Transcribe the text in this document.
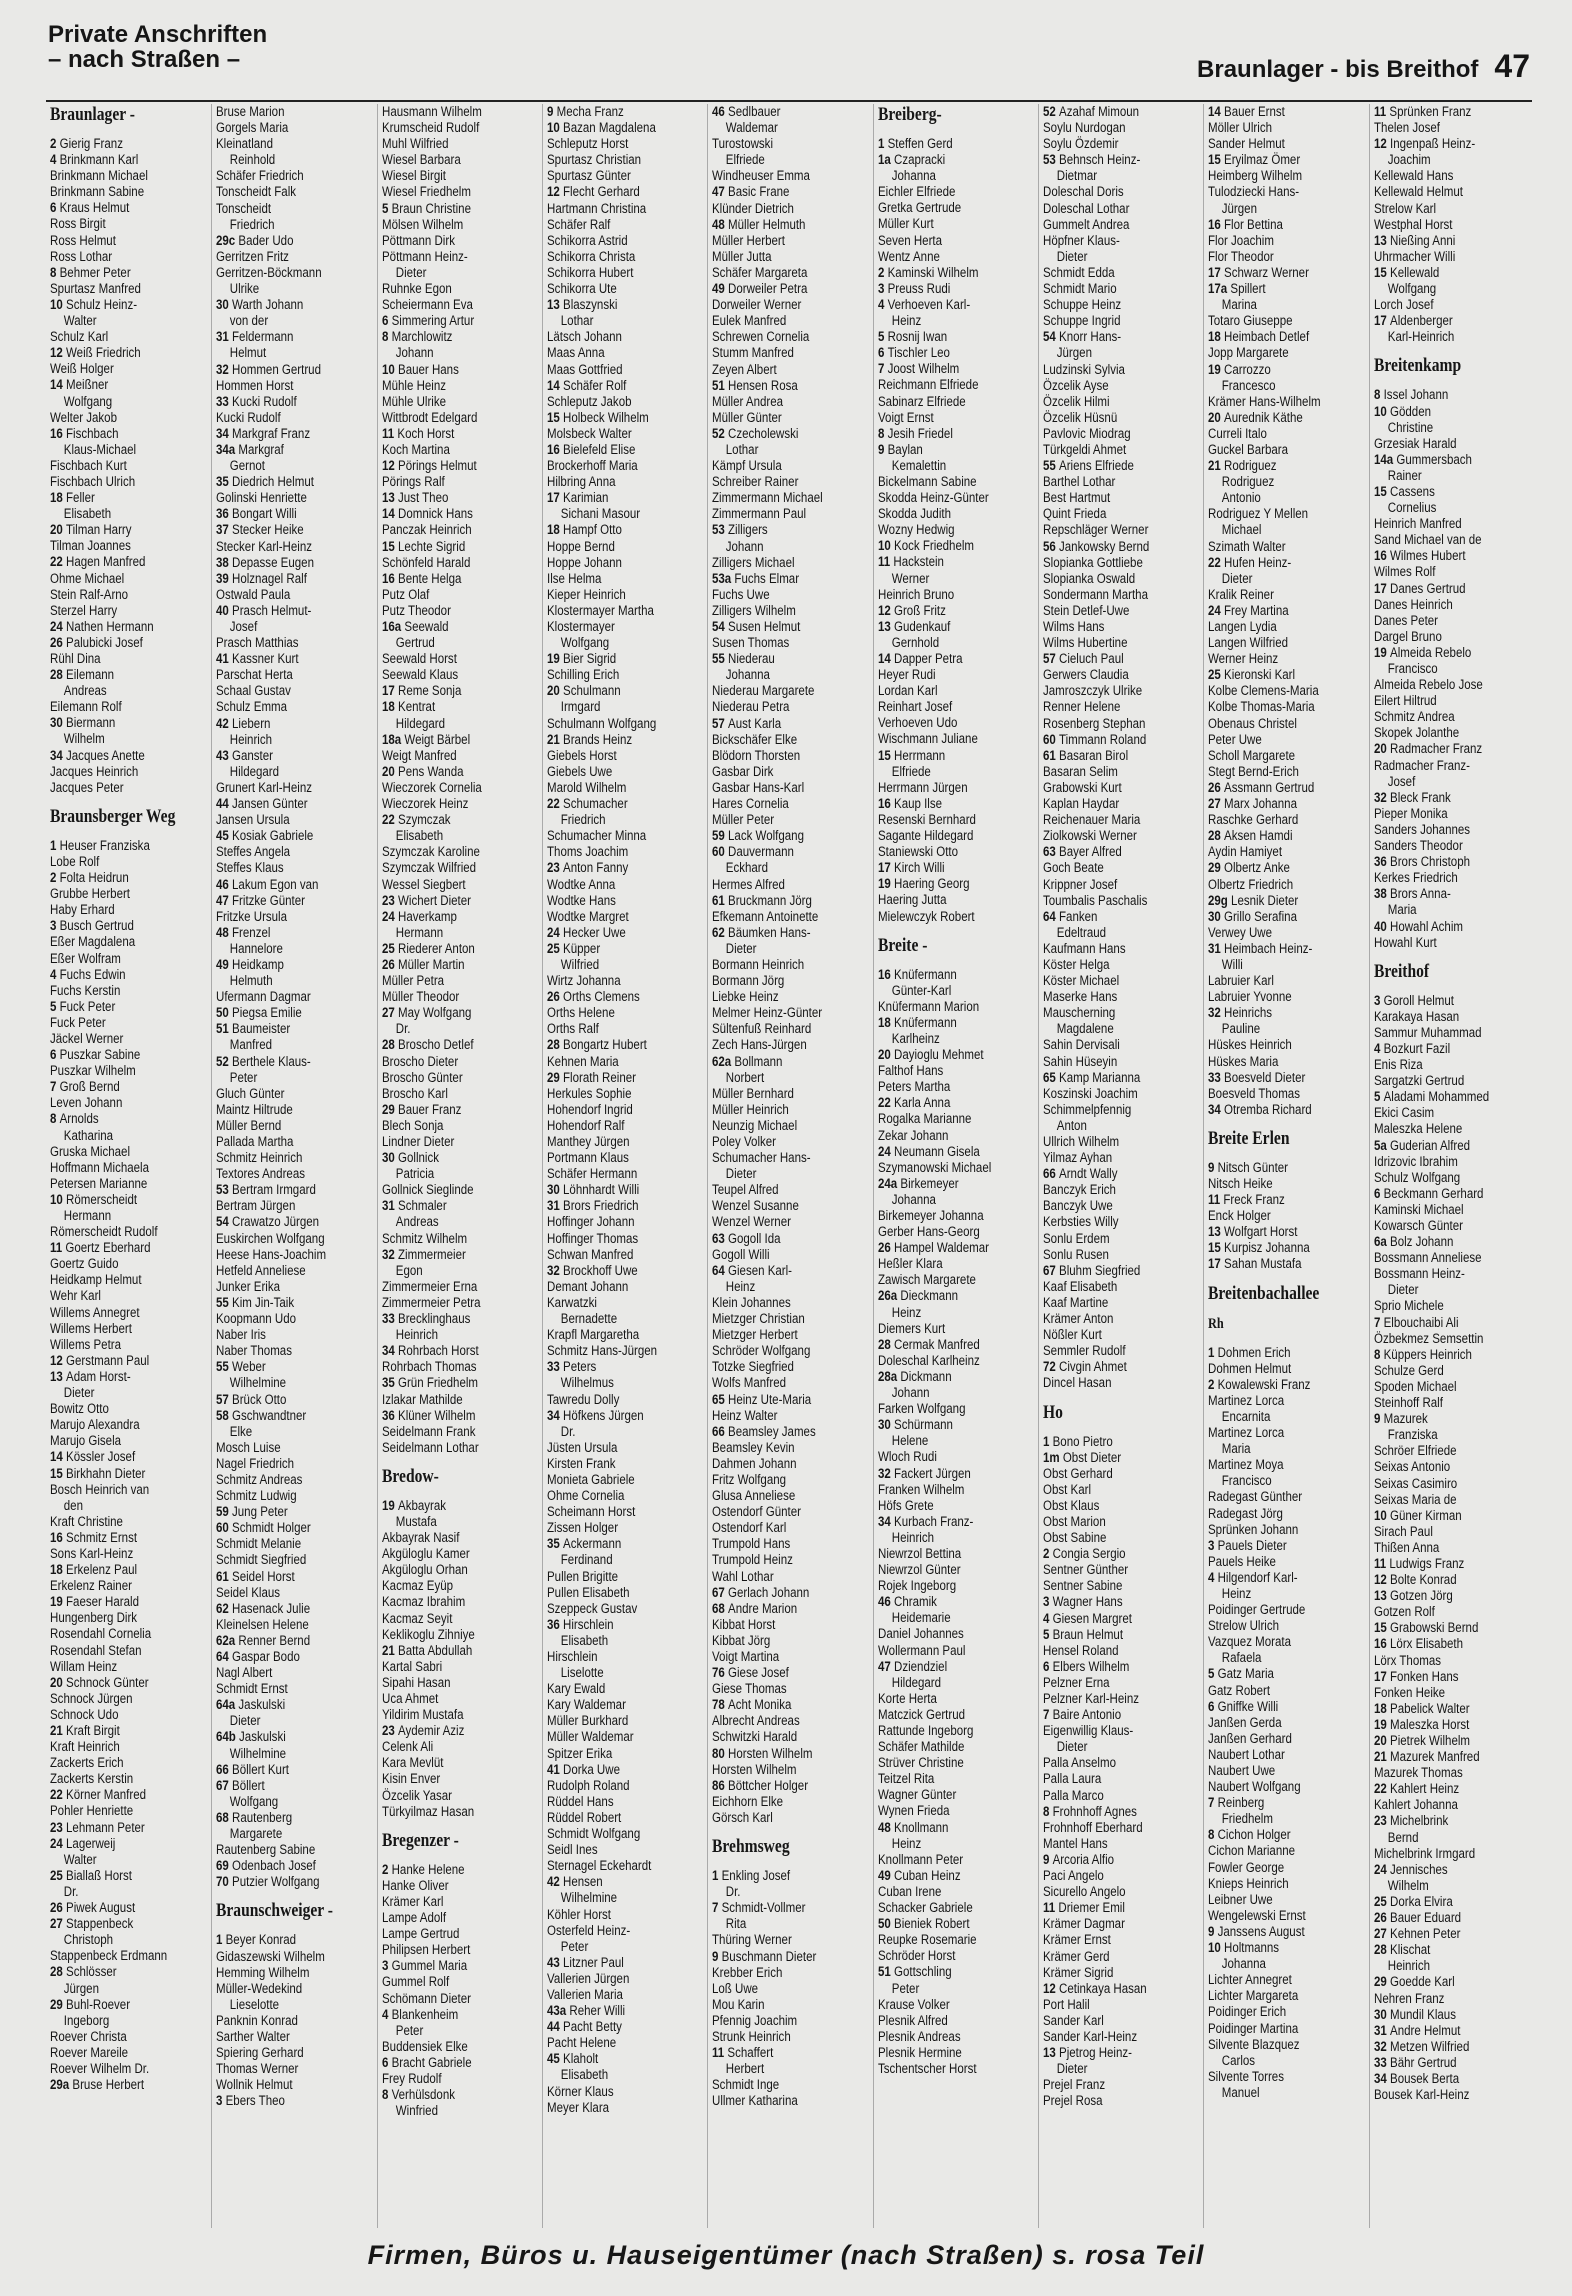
Private Anschriften
– nach Straßen –	Braunlager - bis Breithof 47
Braunlager -
2 Gierig Franz
4 Brinkmann Karl
Brinkmann Michael
Brinkmann Sabine
6 Kraus Helmut
Ross Birgit
Ross Helmut
Ross Lothar
8 Behmer Peter
Spurtasz Manfred
10 Schulz Heinz-
Walter
Schulz Karl
12 Weiß Friedrich
Weiß Holger
14 Meißner
Wolfgang
Welter Jakob
16 Fischbach
Klaus-Michael
Fischbach Kurt
Fischbach Ulrich
18 Feller
Elisabeth
20 Tilman Harry
Tilman Joannes
22 Hagen Manfred
Ohme Michael
Stein Ralf-Arno
Sterzel Harry
24 Nathen Hermann
26 Palubicki Josef
Rühl Dina
28 Eilemann
Andreas
Eilemann Rolf
30 Biermann
Wilhelm
34 Jacques Anette
Jacques Heinrich
Jacques Peter
Braunsberger Weg
1 Heuser Franziska
Lobe Rolf
2 Folta Heidrun
Grubbe Herbert
Haby Erhard
3 Busch Gertrud
Eßer Magdalena
Eßer Wolfram
4 Fuchs Edwin
Fuchs Kerstin
5 Fuck Peter
Fuck Peter
Jäckel Werner
6 Puszkar Sabine
Puszkar Wilhelm
7 Groß Bernd
Leven Johann
8 Arnolds
Katharina
Gruska Michael
Hoffmann Michaela
Petersen Marianne
10 Römerscheidt
Hermann
Römerscheidt Rudolf
11 Goertz Eberhard
Goertz Guido
Heidkamp Helmut
Wehr Karl
Willems Annegret
Willems Herbert
Willems Petra
12 Gerstmann Paul
13 Adam Horst-
Dieter
Bowitz Otto
Marujo Alexandra
Marujo Gisela
14 Kössler Josef
15 Birkhahn Dieter
Bosch Heinrich van
den
Kraft Christine
16 Schmitz Ernst
Sons Karl-Heinz
18 Erkelenz Paul
Erkelenz Rainer
19 Faeser Harald
Hungenberg Dirk
Rosendahl Cornelia
Rosendahl Stefan
Willam Heinz
20 Schnock Günter
Schnock Jürgen
Schnock Udo
21 Kraft Birgit
Kraft Heinrich
Zackerts Erich
Zackerts Kerstin
22 Körner Manfred
Pohler Henriette
23 Lehmann Peter
24 Lagerweij
Walter
25 Biallaß Horst
Dr.
26 Piwek August
27 Stappenbeck
Christoph
Stappenbeck Erdmann
28 Schlösser
Jürgen
29 Buhl-Roever
Ingeborg
Roever Christa
Roever Mareile
Roever Wilhelm Dr.
29a Bruse Herbert
Bruse Marion
Gorgels Maria
Kleinatland
Reinhold
Schäfer Friedrich
Tonscheidt Falk
Tonscheidt
Friedrich
29c Bader Udo
Gerritzen Fritz
Gerritzen-Böckmann
Ulrike
30 Warth Johann
von der
31 Feldermann
Helmut
32 Hommen Gertrud
Hommen Horst
33 Kucki Rudolf
Kucki Rudolf
34 Markgraf Franz
34a Markgraf
Gernot
35 Diedrich Helmut
Golinski Henriette
36 Bongart Willi
37 Stecker Heike
Stecker Karl-Heinz
38 Depasse Eugen
39 Holznagel Ralf
Ostwald Paula
40 Prasch Helmut-
Josef
Prasch Matthias
41 Kassner Kurt
Parschat Herta
Schaal Gustav
Schulz Emma
42 Liebern
Heinrich
43 Ganster
Hildegard
Grunert Karl-Heinz
44 Jansen Günter
Jansen Ursula
45 Kosiak Gabriele
Steffes Angela
Steffes Klaus
46 Lakum Egon van
47 Fritzke Günter
Fritzke Ursula
48 Frenzel
Hannelore
49 Heidkamp
Helmuth
Ufermann Dagmar
50 Piegsa Emilie
51 Baumeister
Manfred
52 Berthele Klaus-
Peter
Gluch Günter
Maintz Hiltrude
Müller Bernd
Pallada Martha
Schmitz Heinrich
Textores Andreas
53 Bertram Irmgard
Bertram Jürgen
54 Crawatzo Jürgen
Euskirchen Wolfgang
Heese Hans-Joachim
Hetfeld Anneliese
Junker Erika
55 Kim Jin-Taik
Koopmann Udo
Naber Iris
Naber Thomas
55 Weber
Wilhelmine
57 Brück Otto
58 Gschwandtner
Elke
Mosch Luise
Nagel Friedrich
Schmitz Andreas
Schmitz Ludwig
59 Jung Peter
60 Schmidt Holger
Schmidt Melanie
Schmidt Siegfried
61 Seidel Horst
Seidel Klaus
62 Hasenack Julie
Kleinelsen Helene
62a Renner Bernd
64 Gaspar Bodo
Nagl Albert
Schmidt Ernst
64a Jaskulski
Dieter
64b Jaskulski
Wilhelmine
66 Böllert Kurt
67 Böllert
Wolfgang
68 Rautenberg
Margarete
Rautenberg Sabine
69 Odenbach Josef
70 Putzier Wolfgang
Braunschweiger -
1 Beyer Konrad
Gidaszewski Wilhelm
Hemming Wilhelm
Müller-Wedekind
Lieselotte
Panknin Konrad
Sarther Walter
Spiering Gerhard
Thomas Werner
Wollnik Helmut
3 Ebers Theo
Hausmann Wilhelm
Krumscheid Rudolf
Muhl Wilfried
Wiesel Barbara
Wiesel Birgit
Wiesel Friedhelm
5 Braun Christine
Mölsen Wilhelm
Pöttmann Dirk
Pöttmann Heinz-
Dieter
Ruhnke Egon
Scheiermann Eva
6 Simmering Artur
8 Marchlowitz
Johann
10 Bauer Hans
Mühle Heinz
Mühle Ulrike
Wittbrodt Edelgard
11 Koch Horst
Koch Martina
12 Pörings Helmut
Pörings Ralf
13 Just Theo
14 Domnick Hans
Panczak Heinrich
15 Lechte Sigrid
Schönfeld Harald
16 Bente Helga
Putz Olaf
Putz Theodor
16a Seewald
Gertrud
Seewald Horst
Seewald Klaus
17 Reme Sonja
18 Kentrat
Hildegard
18a Weigt Bärbel
Weigt Manfred
20 Pens Wanda
Wieczorek Cornelia
Wieczorek Heinz
22 Szymczak
Elisabeth
Szymczak Karoline
Szymczak Wilfried
Wessel Siegbert
23 Wichert Dieter
24 Haverkamp
Hermann
25 Riederer Anton
26 Müller Martin
Müller Petra
Müller Theodor
27 May Wolfgang
Dr.
28 Broscho Detlef
Broscho Dieter
Broscho Günter
Broscho Karl
29 Bauer Franz
Blech Sonja
Lindner Dieter
30 Gollnick
Patricia
Gollnick Sieglinde
31 Schmaler
Andreas
Schmitz Wilhelm
32 Zimmermeier
Egon
Zimmermeier Erna
Zimmermeier Petra
33 Brecklinghaus
Heinrich
34 Rohrbach Horst
Rohrbach Thomas
35 Grün Friedhelm
Izlakar Mathilde
36 Klüner Wilhelm
Seidelmann Frank
Seidelmann Lothar
Bredow-
19 Akbayrak
Mustafa
Akbayrak Nasif
Akgüloglu Kamer
Akgüloglu Orhan
Kacmaz Eyüp
Kacmaz Ibrahim
Kacmaz Seyit
Keklikoglu Zihniye
21 Batta Abdullah
Kartal Sabri
Sipahi Hasan
Uca Ahmet
Yildirim Mustafa
23 Aydemir Aziz
Celenk Ali
Kara Mevlüt
Kisin Enver
Özcelik Yasar
Türkyilmaz Hasan
Bregenzer -
2 Hanke Helene
Hanke Oliver
Krämer Karl
Lampe Adolf
Lampe Gertrud
Philipsen Herbert
3 Gummel Maria
Gummel Rolf
Schömann Dieter
4 Blankenheim
Peter
Buddensiek Elke
6 Bracht Gabriele
Frey Rudolf
8 Verhülsdonk
Winfried
9 Mecha Franz
10 Bazan Magdalena
Schleputz Horst
Spurtasz Christian
Spurtasz Günter
12 Flecht Gerhard
Hartmann Christina
Schäfer Ralf
Schikorra Astrid
Schikorra Christa
Schikorra Hubert
Schikorra Ute
13 Blaszynski
Lothar
Lätsch Johann
Maas Anna
Maas Gottfried
14 Schäfer Rolf
Schleputz Jakob
15 Holbeck Wilhelm
Molsbeck Walter
16 Bielefeld Elise
Brockerhoff Maria
Hilbring Anna
17 Karimian
Sichani Masour
18 Hampf Otto
Hoppe Bernd
Hoppe Johann
Ilse Helma
Kieper Heinrich
Klostermayer Martha
Klostermayer
Wolfgang
19 Bier Sigrid
Schilling Erich
20 Schulmann
Irmgard
Schulmann Wolfgang
21 Brands Heinz
Giebels Horst
Giebels Uwe
Marold Wilhelm
22 Schumacher
Friedrich
Schumacher Minna
Thoms Joachim
23 Anton Fanny
Wodtke Anna
Wodtke Hans
Wodtke Margret
24 Hecker Uwe
25 Küpper
Wilfried
Wirtz Johanna
26 Orths Clemens
Orths Helene
Orths Ralf
28 Bongartz Hubert
Kehnen Maria
29 Florath Reiner
Herkules Sophie
Hohendorf Ingrid
Hohendorf Ralf
Manthey Jürgen
Portmann Klaus
Schäfer Hermann
30 Löhnhardt Willi
31 Brors Friedrich
Hoffinger Johann
Hoffinger Thomas
Schwan Manfred
32 Brockhoff Uwe
Demant Johann
Karwatzki
Bernadette
Krapfl Margaretha
Schmitz Hans-Jürgen
33 Peters
Wilhelmus
Tawredu Dolly
34 Höfkens Jürgen
Dr.
Jüsten Ursula
Kirsten Frank
Monieta Gabriele
Ohme Cornelia
Scheimann Horst
Zissen Holger
35 Ackermann
Ferdinand
Pullen Brigitte
Pullen Elisabeth
Szeppeck Gustav
36 Hirschlein
Elisabeth
Hirschlein
Liselotte
Kary Ewald
Kary Waldemar
Müller Burkhard
Müller Waldemar
Spitzer Erika
41 Dorka Uwe
Rudolph Roland
Rüddel Hans
Rüddel Robert
Schmidt Wolfgang
Seidl Ines
Sternagel Eckehardt
42 Hensen
Wilhelmine
Köhler Horst
Osterfeld Heinz-
Peter
43 Litzner Paul
Vallerien Jürgen
Vallerien Maria
43a Reher Willi
44 Pacht Betty
Pacht Helene
45 Klaholt
Elisabeth
Körner Klaus
Meyer Klara
46 Sedlbauer
Waldemar
Turostowski
Elfriede
Windheuser Emma
47 Basic Frane
Klünder Dietrich
48 Müller Helmuth
Müller Herbert
Müller Jutta
Schäfer Margareta
49 Dorweiler Petra
Dorweiler Werner
Eulek Manfred
Schrewen Cornelia
Stumm Manfred
Zeyen Albert
51 Hensen Rosa
Müller Andrea
Müller Günter
52 Czecholewski
Lothar
Kämpf Ursula
Schreiber Rainer
Zimmermann Michael
Zimmermann Paul
53 Zilligers
Johann
Zilligers Michael
53a Fuchs Elmar
Fuchs Uwe
Zilligers Wilhelm
54 Susen Helmut
Susen Thomas
55 Niederau
Johanna
Niederau Margarete
Niederau Petra
57 Aust Karla
Bickschäfer Elke
Blödorn Thorsten
Gasbar Dirk
Gasbar Hans-Karl
Hares Cornelia
Müller Peter
59 Lack Wolfgang
60 Dauvermann
Eckhard
Hermes Alfred
61 Bruckmann Jörg
Efkemann Antoinette
62 Bäumken Hans-
Dieter
Bormann Heinrich
Bormann Jörg
Liebke Heinz
Melmer Heinz-Günter
Sültenfuß Reinhard
Zech Hans-Jürgen
62a Bollmann
Norbert
Müller Bernhard
Müller Heinrich
Neunzig Michael
Poley Volker
Schumacher Hans-
Dieter
Teupel Alfred
Wenzel Susanne
Wenzel Werner
63 Gogoll Ida
Gogoll Willi
64 Giesen Karl-
Heinz
Klein Johannes
Mietzger Christian
Mietzger Herbert
Schröder Wolfgang
Totzke Siegfried
Wolfs Manfred
65 Heinz Ute-Maria
Heinz Walter
66 Beamsley James
Beamsley Kevin
Dahmen Johann
Fritz Wolfgang
Glusa Anneliese
Ostendorf Günter
Ostendorf Karl
Trumpold Hans
Trumpold Heinz
Wahl Lothar
67 Gerlach Johann
68 Andre Marion
Kibbat Horst
Kibbat Jörg
Voigt Martina
76 Giese Josef
Giese Thomas
78 Acht Monika
Albrecht Andreas
Schwitzki Harald
80 Horsten Wilhelm
Horsten Wilhelm
86 Böttcher Holger
Eichhorn Elke
Görsch Karl
Brehmsweg
1 Enkling Josef
Dr.
7 Schmidt-Vollmer
Rita
Thüring Werner
9 Buschmann Dieter
Krebber Erich
Loß Uwe
Mou Karin
Pfennig Joachim
Strunk Heinrich
11 Schaffert
Herbert
Schmidt Inge
Ullmer Katharina
Breiberg-
1 Steffen Gerd
1a Czapracki
Johanna
Eichler Elfriede
Gretka Gertrude
Müller Kurt
Seven Herta
Wentz Anne
2 Kaminski Wilhelm
3 Preuss Rudi
4 Verhoeven Karl-
Heinz
5 Rosnij Iwan
6 Tischler Leo
7 Joost Wilhelm
Reichmann Elfriede
Sabinarz Elfriede
Voigt Ernst
8 Jesih Friedel
9 Baylan
Kemalettin
Bickelmann Sabine
Skodda Heinz-Günter
Skodda Judith
Wozny Hedwig
10 Kock Friedhelm
11 Hackstein
Werner
Heinrich Bruno
12 Groß Fritz
13 Gudenkauf
Gernhold
14 Dapper Petra
Heyer Rudi
Lordan Karl
Reinhart Josef
Verhoeven Udo
Wischmann Juliane
15 Herrmann
Elfriede
Herrmann Jürgen
16 Kaup Ilse
Resenski Bernhard
Sagante Hildegard
Staniewski Otto
17 Kirch Willi
19 Haering Georg
Haering Jutta
Mielewczyk Robert
Breite -
16 Knüfermann
Günter-Karl
Knüfermann Marion
18 Knüfermann
Karlheinz
20 Dayioglu Mehmet
Falthof Hans
Peters Martha
22 Karla Anna
Rogalka Marianne
Zekar Johann
24 Neumann Gisela
Szymanowski Michael
24a Birkemeyer
Johanna
Birkemeyer Johanna
Gerber Hans-Georg
26 Hampel Waldemar
Heßler Klara
Zawisch Margarete
26a Dieckmann
Heinz
Diemers Kurt
28 Cermak Manfred
Doleschal Karlheinz
28a Dickmann
Johann
Farken Wolfgang
30 Schürmann
Helene
Wloch Rudi
32 Fackert Jürgen
Franken Wilhelm
Höfs Grete
34 Kurbach Franz-
Heinrich
Niewrzol Bettina
Niewrzol Günter
Rojek Ingeborg
46 Chramik
Heidemarie
Daniel Johannes
Wollermann Paul
47 Dziendziel
Hildegard
Korte Herta
Matczick Gertrud
Rattunde Ingeborg
Schäfer Mathilde
Strüver Christine
Teitzel Rita
Wagner Günter
Wynen Frieda
48 Knollmann
Heinz
Knollmann Peter
49 Cuban Heinz
Cuban Irene
Schacker Gabriele
50 Bieniek Robert
Reupke Rosemarie
Schröder Horst
51 Gottschling
Peter
Krause Volker
Plesnik Alfred
Plesnik Andreas
Plesnik Hermine
Tschentscher Horst
52 Azahaf Mimoun
Soylu Nurdogan
Soylu Özdemir
53 Behnsch Heinz-
Dietmar
Doleschal Doris
Doleschal Lothar
Gummelt Andrea
Höpfner Klaus-
Dieter
Schmidt Edda
Schmidt Mario
Schuppe Heinz
Schuppe Ingrid
54 Knorr Hans-
Jürgen
Ludzinski Sylvia
Özcelik Ayse
Özcelik Hilmi
Özcelik Hüsnü
Pavlovic Miodrag
Türkgeldi Ahmet
55 Ariens Elfriede
Barthel Lothar
Best Hartmut
Quint Frieda
Repschläger Werner
56 Jankowsky Bernd
Slopianka Gottliebe
Slopianka Oswald
Sondermann Martha
Stein Detlef-Uwe
Wilms Hans
Wilms Hubertine
57 Cieluch Paul
Gerwers Claudia
Jamroszczyk Ulrike
Renner Helene
Rosenberg Stephan
60 Timmann Roland
61 Basaran Birol
Basaran Selim
Grabowski Kurt
Kaplan Haydar
Reichenauer Maria
Ziolkowski Werner
63 Bayer Alfred
Goch Beate
Krippner Josef
Toumbalis Paschalis
64 Fanken
Edeltraud
Kaufmann Hans
Köster Helga
Köster Michael
Maserke Hans
Mauscherning
Magdalene
Sahin Dervisali
Sahin Hüseyin
65 Kamp Marianna
Koszinski Joachim
Schimmelpfennig
Anton
Ullrich Wilhelm
Yilmaz Ayhan
66 Arndt Wally
Banczyk Erich
Banczyk Uwe
Kerbsties Willy
Sonlu Erdem
Sonlu Rusen
67 Bluhm Siegfried
Kaaf Elisabeth
Kaaf Martine
Krämer Anton
Nößler Kurt
Semmler Rudolf
72 Civgin Ahmet
Dincel Hasan
Ho
1 Bono Pietro
1m Obst Dieter
Obst Gerhard
Obst Karl
Obst Klaus
Obst Marion
Obst Sabine
2 Congia Sergio
Sentner Günther
Sentner Sabine
3 Wagner Hans
4 Giesen Margret
5 Braun Helmut
Hensel Roland
6 Elbers Wilhelm
Pelzner Erna
Pelzner Karl-Heinz
7 Baire Antonio
Eigenwillig Klaus-
Dieter
Palla Anselmo
Palla Laura
Palla Marco
8 Frohnhoff Agnes
Frohnhoff Eberhard
Mantel Hans
9 Arcoria Alfio
Paci Angelo
Sicurello Angelo
11 Driemer Emil
Krämer Dagmar
Krämer Ernst
Krämer Gerd
Krämer Sigrid
12 Cetinkaya Hasan
Port Halil
Sander Karl
Sander Karl-Heinz
13 Pjetrog Heinz-
Dieter
Prejel Franz
Prejel Rosa
14 Bauer Ernst
Möller Ulrich
Sander Helmut
15 Eryilmaz Ömer
Heimberg Wilhelm
Tulodziecki Hans-
Jürgen
16 Flor Bettina
Flor Joachim
Flor Theodor
17 Schwarz Werner
17a Spillert
Marina
Totaro Giuseppe
18 Heimbach Detlef
Jopp Margarete
19 Carrozzo
Francesco
Krämer Hans-Wilhelm
20 Aurednik Käthe
Curreli Italo
Guckel Barbara
21 Rodriguez
Rodriguez
Antonio
Rodriguez Y Mellen
Michael
Szimath Walter
22 Hufen Heinz-
Dieter
Kralik Reiner
24 Frey Martina
Langen Lydia
Langen Wilfried
Werner Heinz
25 Kieronski Karl
Kolbe Clemens-Maria
Kolbe Thomas-Maria
Obenaus Christel
Peter Uwe
Scholl Margarete
Stegt Bernd-Erich
26 Assmann Gertrud
27 Marx Johanna
Raschke Gerhard
28 Aksen Hamdi
Aydin Hamiyet
29 Olbertz Anke
Olbertz Friedrich
29g Lesnik Dieter
30 Grillo Serafina
Verwey Uwe
31 Heimbach Heinz-
Willi
Labruier Karl
Labruier Yvonne
32 Heinrichs
Pauline
Hüskes Heinrich
Hüskes Maria
33 Boesveld Dieter
Boesveld Thomas
34 Otremba Richard
Breite Erlen
9 Nitsch Günter
Nitsch Heike
11 Freck Franz
Enck Holger
13 Wolfgart Horst
15 Kurpisz Johanna
17 Sahan Mustafa
Breitenbachallee
Rh
1 Dohmen Erich
Dohmen Helmut
2 Kowalewski Franz
Martinez Lorca
Encarnita
Martinez Lorca
Maria
Martinez Moya
Francisco
Radegast Günther
Radegast Jörg
Sprünken Johann
3 Pauels Dieter
Pauels Heike
4 Hilgendorf Karl-
Heinz
Poidinger Gertrude
Strelow Ulrich
Vazquez Morata
Rafaela
5 Gatz Maria
Gatz Robert
6 Gniffke Willi
Janßen Gerda
Janßen Gerhard
Naubert Lothar
Naubert Uwe
Naubert Wolfgang
7 Reinberg
Friedhelm
8 Cichon Holger
Cichon Marianne
Fowler George
Knieps Heinrich
Leibner Uwe
Wengelewski Ernst
9 Janssens August
10 Holtmanns
Johanna
Lichter Annegret
Lichter Margareta
Poidinger Erich
Poidinger Martina
Silvente Blazquez
Carlos
Silvente Torres
Manuel
11 Sprünken Franz
Thelen Josef
12 Ingenpaß Heinz-
Joachim
Kellewald Hans
Kellewald Helmut
Strelow Karl
Westphal Horst
13 Nießing Anni
Uhrmacher Willi
15 Kellewald
Wolfgang
Lorch Josef
17 Aldenberger
Karl-Heinrich
Breitenkamp
8 Issel Johann
10 Gödden
Christine
Grzesiak Harald
14a Gummersbach
Rainer
15 Cassens
Cornelius
Heinrich Manfred
Sand Michael van de
16 Wilmes Hubert
Wilmes Rolf
17 Danes Gertrud
Danes Heinrich
Danes Peter
Dargel Bruno
19 Almeida Rebelo
Francisco
Almeida Rebelo Jose
Eilert Hiltrud
Schmitz Andrea
Skopek Jolanthe
20 Radmacher Franz
Radmacher Franz-
Josef
32 Bleck Frank
Pieper Monika
Sanders Johannes
Sanders Theodor
36 Brors Christoph
Kerkes Friedrich
38 Brors Anna-
Maria
40 Howahl Achim
Howahl Kurt
Breithof
3 Goroll Helmut
Karakaya Hasan
Sammur Muhammad
4 Bozkurt Fazil
Enis Riza
Sargatzki Gertrud
5 Aladami Mohammed
Ekici Casim
Maleszka Helene
5a Guderian Alfred
Idrizovic Ibrahim
Schulz Wolfgang
6 Beckmann Gerhard
Kaminski Michael
Kowarsch Günter
6a Bolz Johann
Bossmann Anneliese
Bossmann Heinz-
Dieter
Sprio Michele
7 Elbouchaibi Ali
Özbekmez Semsettin
8 Küppers Heinrich
Schulze Gerd
Spoden Michael
Steinhoff Ralf
9 Mazurek
Franziska
Schröer Elfriede
Seixas Antonio
Seixas Casimiro
Seixas Maria de
10 Güner Kirman
Sirach Paul
Thißen Anna
11 Ludwigs Franz
12 Bolte Konrad
13 Gotzen Jörg
Gotzen Rolf
15 Grabowski Bernd
16 Lörx Elisabeth
Lörx Thomas
17 Fonken Hans
Fonken Heike
18 Pabelick Walter
19 Maleszka Horst
20 Pietrek Wilhelm
21 Mazurek Manfred
Mazurek Thomas
22 Kahlert Heinz
Kahlert Johanna
23 Michelbrink
Bernd
Michelbrink Irmgard
24 Jennisches
Wilhelm
25 Dorka Elvira
26 Bauer Eduard
27 Kehnen Peter
28 Klischat
Heinrich
29 Goedde Karl
Nehren Franz
30 Mundil Klaus
31 Andre Helmut
32 Metzen Wilfried
33 Bähr Gertrud
34 Bousek Berta
Bousek Karl-Heinz
Firmen, Büros u. Hauseigentümer (nach Straßen) s. rosa Teil
